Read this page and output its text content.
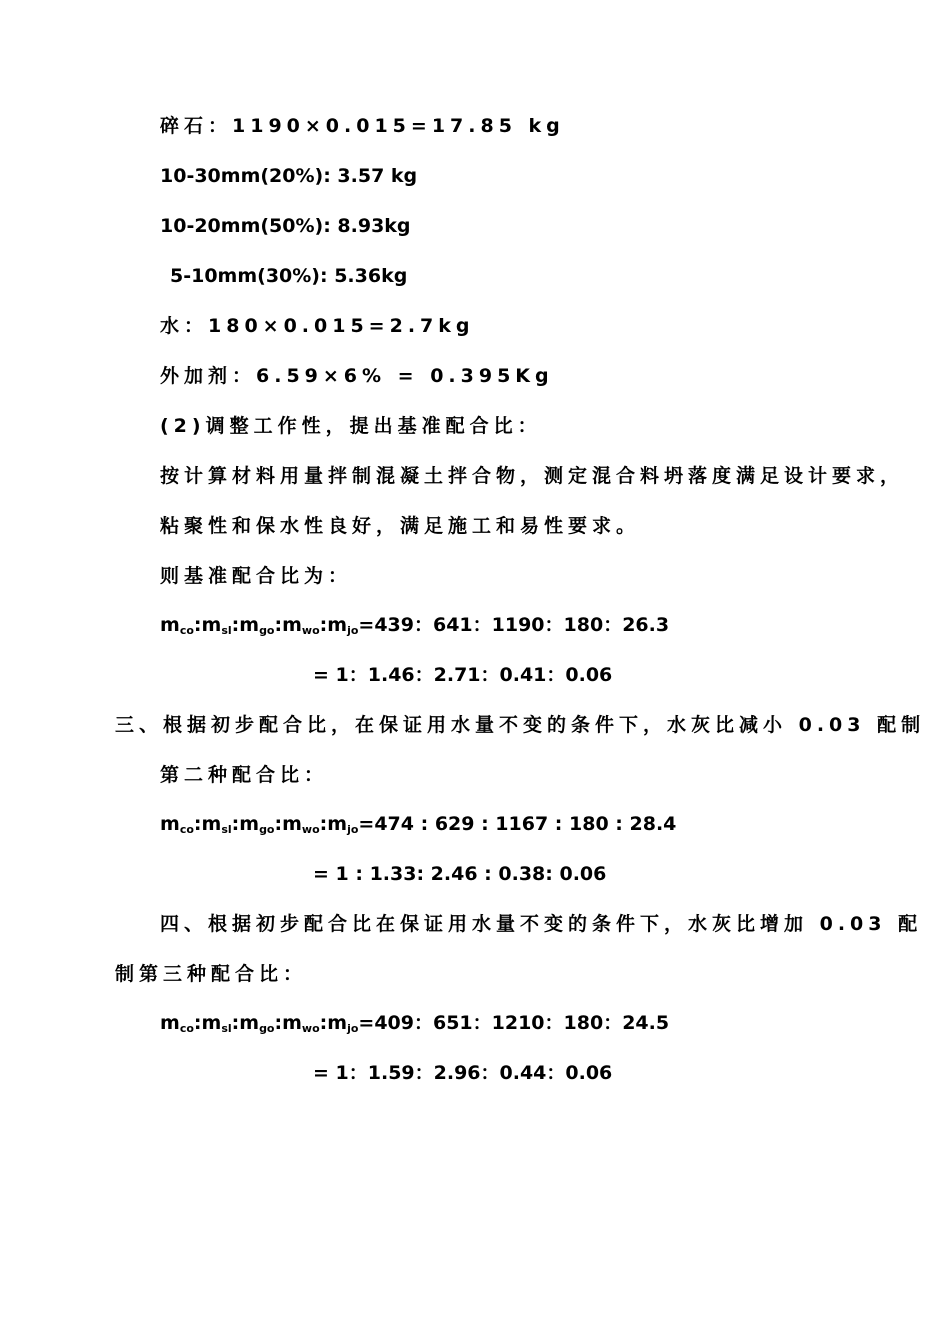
碎石：1190×0.015=17.85 kg
10-30mm(20%): 3.57 kg
10-20mm(50%): 8.93kg
5-10mm(30%): 5.36kg
水：180×0.015=2.7kg
外加剂：6.59×6% = 0.395Kg
(2)调整工作性，提出基准配合比：
按计算材料用量拌制混凝土拌合物，测定混合料坍落度满足设计要求，
粘聚性和保水性良好，满足施工和易性要求。
则基准配合比为：
$m_{co}:m_{sl}:m_{go}:m_{wo}:m_{jo}=439$：641：1190：180：26.3
= 1：1.46：2.71：0.41：0.06
三、根据初步配合比，在保证用水量不变的条件下，水灰比减小 0.03 配制
第二种配合比：
$m_{co}:m_{sl}:m_{go}:m_{wo}:m_{jo}=474$ : 629 : 1167 : 180 : 28.4
= 1 : 1.33: 2.46 : 0.38: 0.06
四、根据初步配合比在保证用水量不变的条件下，水灰比增加 0.03 配
制第三种配合比：
$m_{co}:m_{sl}:m_{go}:m_{wo}:m_{jo}=409$：651：1210：180：24.5
= 1：1.59：2.96：0.44：0.06
